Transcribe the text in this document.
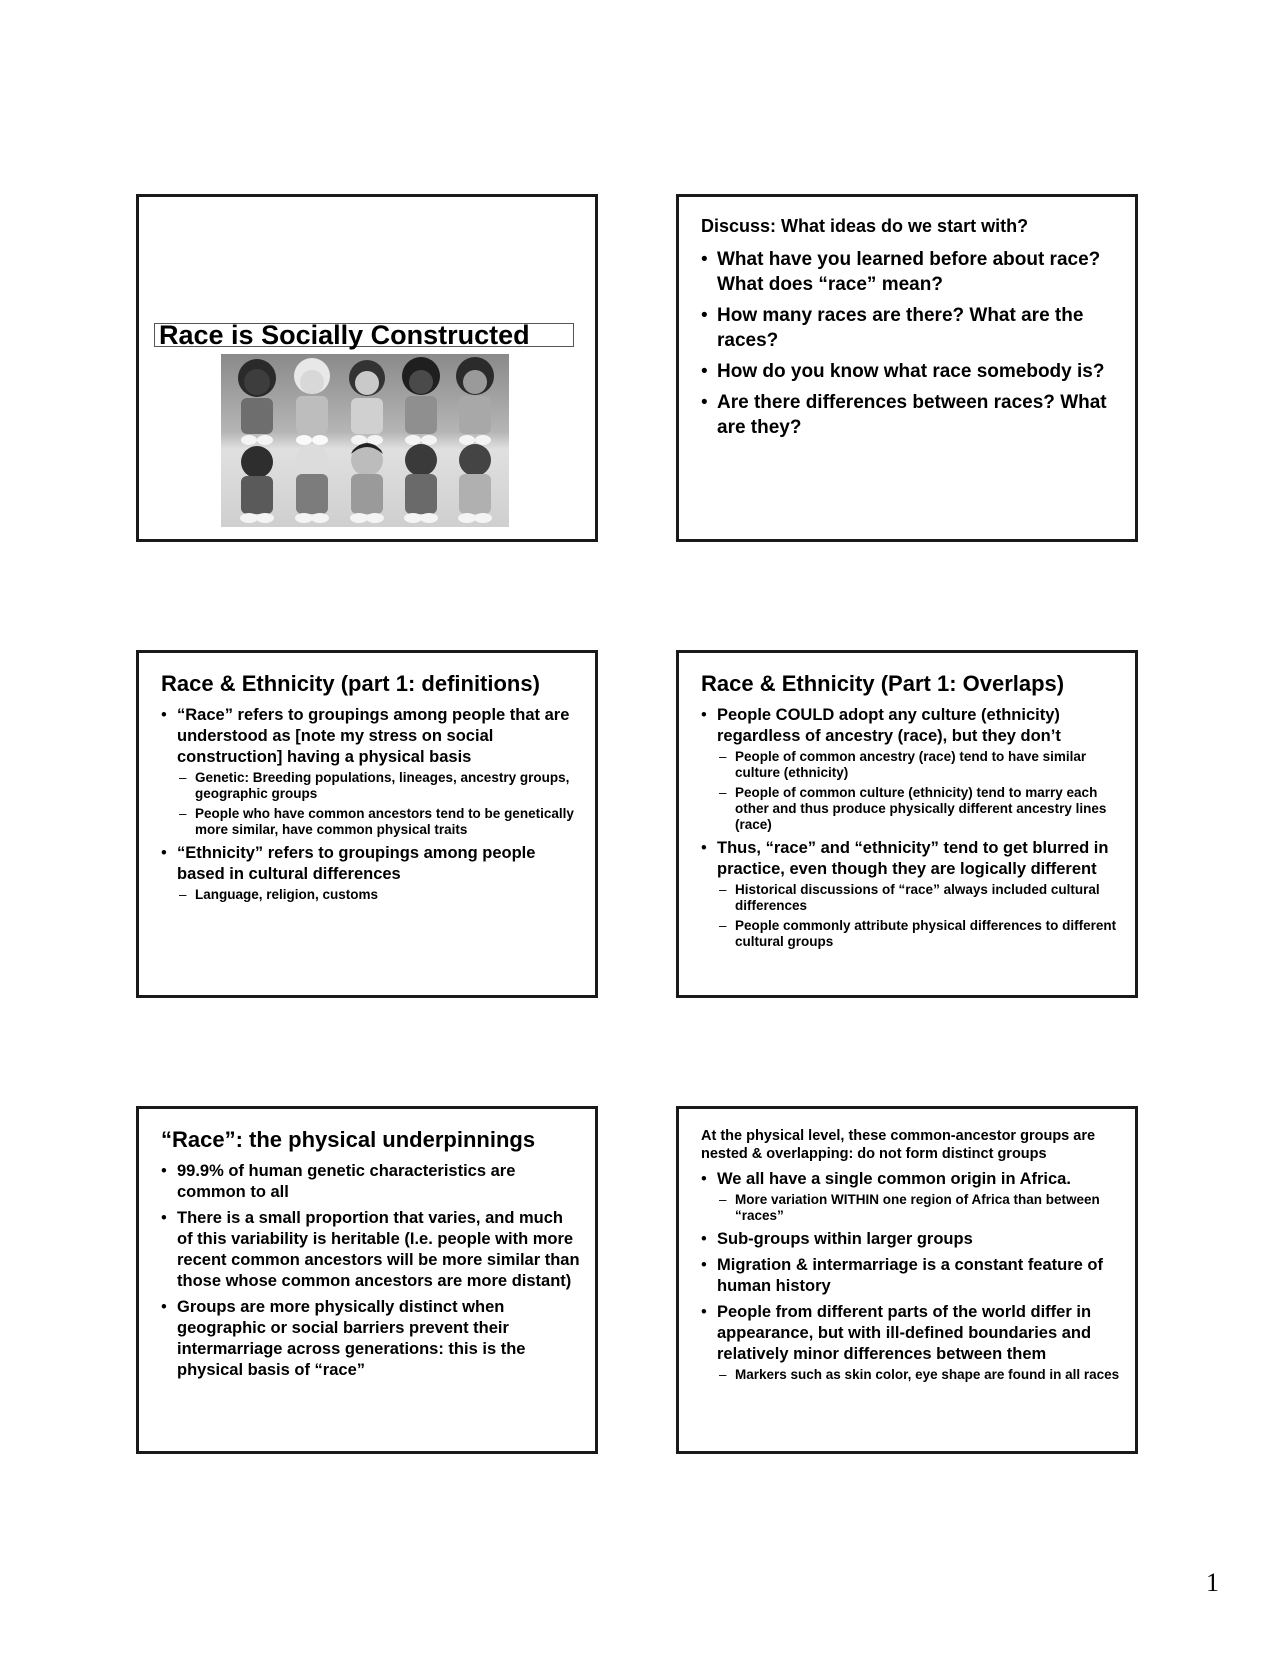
Race is Socially Constructed
Discuss: What ideas do we start with?
• What have you learned before about race? What does “race” mean?
• How many races are there? What are the races?
• How do you know what race somebody is?
• Are there differences between races? What are they?
Race & Ethnicity (part 1: definitions)
• “Race” refers to groupings among people that are understood as [note my stress on social construction] having a physical basis
– Genetic: Breeding populations, lineages, ancestry groups, geographic groups
– People who have common ancestors tend to be genetically more similar, have common physical traits
• “Ethnicity” refers to groupings among people based in cultural differences
– Language, religion, customs
Race & Ethnicity (Part 1: Overlaps)
• People COULD adopt any culture (ethnicity) regardless of ancestry (race), but they don’t
– People of common ancestry (race) tend to have similar culture (ethnicity)
– People of common culture (ethnicity) tend to marry each other and thus produce physically different ancestry lines (race)
• Thus, “race” and “ethnicity” tend to get blurred in practice, even though they are logically different
– Historical discussions of “race” always included cultural differences
– People commonly attribute physical differences to different cultural groups
“Race”: the physical underpinnings
• 99.9% of human genetic characteristics are common to all
• There is a small proportion that varies, and much of this variability is heritable (I.e. people with more recent common ancestors will be more similar than those whose common ancestors are more distant)
• Groups are more physically distinct when geographic or social barriers prevent their intermarriage across generations: this is the physical basis of “race”
At the physical level, these common-ancestor groups are nested & overlapping: do not form distinct groups
• We all have a single common origin in Africa.
– More variation WITHIN one region of Africa than between “races”
• Sub-groups within larger groups
• Migration & intermarriage is a constant feature of human history
• People from different parts of the world differ in appearance, but with ill-defined boundaries and relatively minor differences between them
– Markers such as skin color, eye shape are found in all races
1
